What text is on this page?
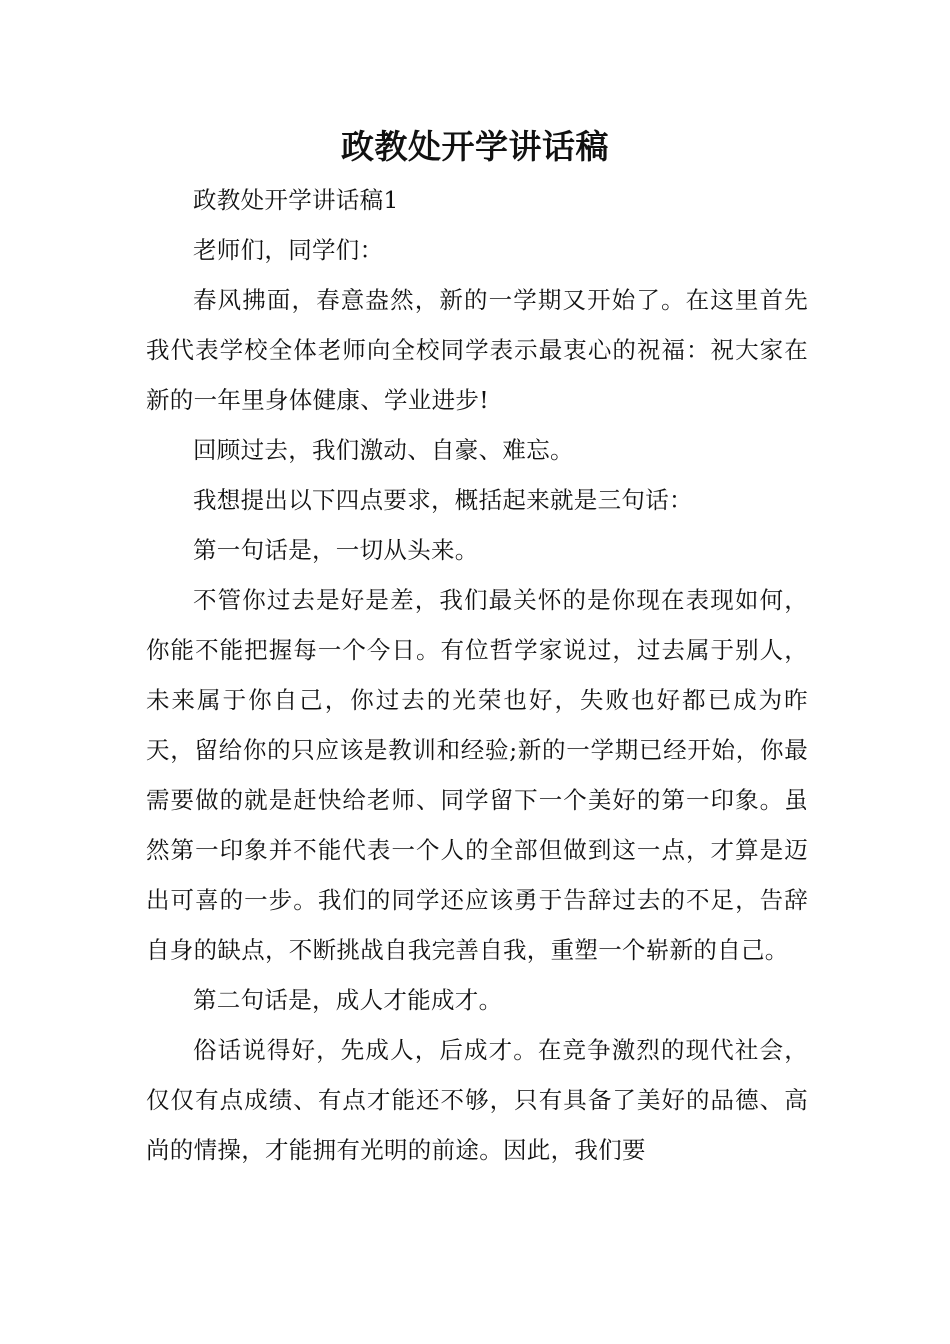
政教处开学讲话稿

政教处开学讲话稿1

老师们，同学们：

春风拂面，春意盎然，新的一学期又开始了。在这里首先我代表学校全体老师向全校同学表示最衷心的祝福：祝大家在新的一年里身体健康、学业进步!

回顾过去，我们激动、自豪、难忘。

我想提出以下四点要求，概括起来就是三句话：

第一句话是，一切从头来。

不管你过去是好是差，我们最关怀的是你现在表现如何，你能不能把握每一个今日。有位哲学家说过，过去属于别人，未来属于你自己，你过去的光荣也好，失败也好都已成为昨天，留给你的只应该是教训和经验;新的一学期已经开始，你最需要做的就是赶快给老师、同学留下一个美好的第一印象。虽然第一印象并不能代表一个人的全部但做到这一点，才算是迈出可喜的一步。我们的同学还应该勇于告辞过去的不足，告辞自身的缺点，不断挑战自我完善自我，重塑一个崭新的自己。

第二句话是，成人才能成才。

俗话说得好，先成人，后成才。在竞争激烈的现代社会，仅仅有点成绩、有点才能还不够，只有具备了美好的品德、高尚的情操，才能拥有光明的前途。因此，我们要
